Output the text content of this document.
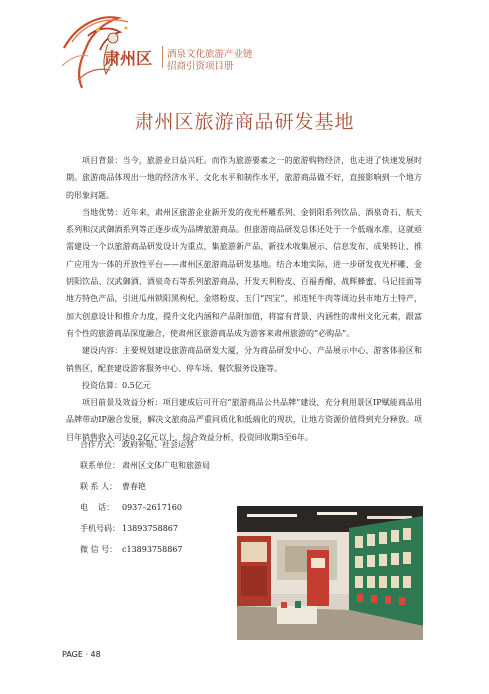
肃州区 酒泉文化旅游产业链
招商引资项目册
肃州区旅游商品研发基地

项目背景：当今，旅游业日益兴旺。而作为旅游要素之一的旅游购物经济，也走进了快速发展时期。旅游商品体现出一地的经济水平、文化水平和制作水平，旅游商品做不好，直接影响到一个地方的形象问题。

当地优势：近年来，肃州区旅游企业新开发的夜光杯雕系列、金钥阳系列饮品、酒泉奇石、航天系列和汉武御酒系列等正逐步成为品牌旅游商品。但旅游商品研发总体还处于一个低端水准，这就亟需建设一个以旅游商品研发设计为重点，集旅游新产品、新技术收集展示、信息发布、成果转让、推广应用为一体的开放性平台——肃州区旅游商品研发基地。结合本地实际，进一步研发夜光杯雕、金钥阳饮品、汉武御酒、酒泉奇石等系列旅游商品，开发天利粉皮、百福香醋、战辉蜂蜜、马记挂面等地方特色产品，引进瓜州锁阳黑枸杞、金塔粉皮、玉门“四宝”、祁连牦牛肉等周边县市地方土特产，加大创意设计和推介力度，提升文化内涵和产品附加值，将富有背景、内涵性的肃州文化元素，跟富有个性的旅游商品深度融合，使肃州区旅游商品成为游客来肃州旅游的“必购品”。

建设内容：主要规划建设旅游商品研发大厦，分为商品研发中心、产品展示中心、游客体验区和销售区，配套建设游客服务中心、停车场、餐饮服务设施等。

投资估算：0.5亿元

项目前景及效益分析：项目建成后可开启“旅游商品公共品牌”建设，充分利用景区IP赋能商品用品牌带动IP融合发展，解决文旅商品严重同质化和低端化的现状，让地方资源价值得到充分释放。项目年销售收入可达0.2亿元以上，综合效益分析，投资回收期5至6年。

合作方式： 政府补贴、社会运营
联系单位： 肃州区文体广电和旅游局
联 系 人： 曹春艳
电    话： 0937–2617160
手机号码： 13893758867
微 信 号： c13893758867
PAGE · 48
